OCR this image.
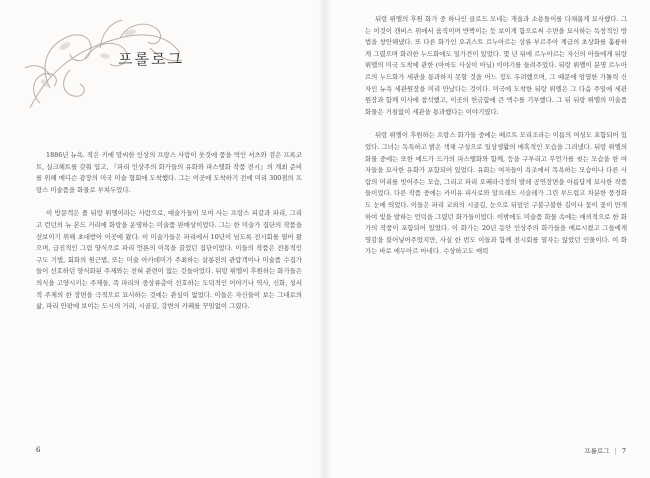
프롤로그

1886년 뉴욕. 작은 키에 맘씨한 인상의 프랑스 사람이 웃것에 품을 먹인 셔츠와 검은 프록코트, 실크해트를 갖춰 입고, 『파리 인상주의 화가들의 유화와 파스텔화 작품 전시』의 개최 준비를 위해 매디슨 광장의 미국 미술 협회에 도착했다. 그는 이곳에 도착하기 전에 미리 300점의 프랑스 미술품을 화물로 부쳐두었다.

이 방문객은 폴 뒤랑 뤼엘이라는 사람으로, 예술가들이 모여 사는 프랑스 피갈과 파리, 그리고 런던의 뉴 본드 거리에 화랑을 운영하는 미술품 판매상이었다. 그는 한 미술가 집단의 작품을 선보이기 위해 초대받아 이곳에 왔다. 이 미술가들은 파리에서 10년이 넘도록 전시회를 열어 왔으며, 급진적인 그림 양식으로 파리 언론의 이목을 끌었던 집단이었다. 이들의 작품은 전통적인 구도 기법, 회화의 원근법, 또는 미술 아카데미가 주최하는 살롱전의 관람객이나 미술품 수집가들이 선호하던 양식화된 주제와는 전혀 관련이 없는 것들이었다. 뒤랑 뤼엘이 후원하는 화가들은 의식을 고양시키는 주제들, 즉 파리의 중상류층이 선호하는 도덕적인 이야기나 역사, 신화, 성서적 주제의 한 장면을 극적으로 묘사하는 것에는 관심이 없었다. 이들은 자신들이 보는 그대로의 삶, 파리 안팎에 보이는 도시의 거리, 시골길, 강변의 카페를 꾸밈없이 그렸다.

6

뒤랑 뤼엘의 후원 화가 중 하나인 클로드 모네는 개울과 소용돌이를 다채롭게 묘사했다. 그는 이것이 캔버스 위에서 움직이며 반짝이는 듯 보이게 함으로써 수면을 묘사하는 독창적인 방법을 창안해냈다. 또 다른 화가인 오귀스트 르누아르는 상류 부르주아 계급의 초상화를 훌륭하게 그렸으며 화려한 누드화에도 일가견이 있었다. 몇 년 뒤에 르누아르는 자신의 아들에게 뒤랑 뤼엘의 미국 도착에 관한 (아마도 사실이 아닐) 이야기를 들려주었다. 뒤랑 뤼엘이 분명 르누아르의 누드화가 세관을 통과하지 못할 것을 어느 정도 우려했으며, 그 때문에 엄열한 가톨릭 신자인 뉴욕 세관원장을 미리 만났다는 것이다. 미국에 도착한 뒤랑 뤼엘은 그 다음 주일에 세관원장과 함께 미사에 참석했고, 이곳의 헌금함에 큰 액수를 기부했다. 그 뒤 뒤랑 뤼엘의 미술품 화물은 거침없이 세관을 통과했다는 이야기였다.

뒤랑 뤼엘이 후원하는 프랑스 화가들 중에는 베르트 모리조라는 이름의 여성도 포함되어 있었다. 그녀는 독특하고 밝은 색채 구성으로 일상생활의 매혹적인 모습을 그려냈다. 뒤랑 뤼엘의 화물 중에는 또한 에드가 드가의 파스텔화와 함께, 등을 구부리고 무언가를 씻는 모습을 한 여자들을 묘사한 유화가 포함되어 있었다. 유화는 여자들이 욕조에서 목욕하는 모습이나 다른 사람의 머리를 빗어주는 모습, 그리고 파리 오페라극장의 발레 공연장면을 아름답게 묘사한 작품들이었다. 다른 작품 중에는 카미유 피사로와 알프레드 시슬레가 그린 부드럽고 차분한 풍경화도 눈에 띄었다. 이들은 파리 교외의 시골길, 눈으로 뒤덮인 구불구불한 길이나 꽃이 꽃이 만개하여 빛을 발하는 언덕을 그렸던 화가들이었다. 이밖에도 미술품 화물 속에는 애의적으로 한 화가의 작품이 포함되어 있었다. 이 화가는 20년 동안 인상주의 화가들을 매료시켰고 그들에게 영감을 불어넣어주었지만, 사실 한 번도 이들과 함께 전시회를 열자는 않았던 인물이다. 이 화가는 바로 에두아르 마네다. 수상하고도 매력

프롤로그 | 7
